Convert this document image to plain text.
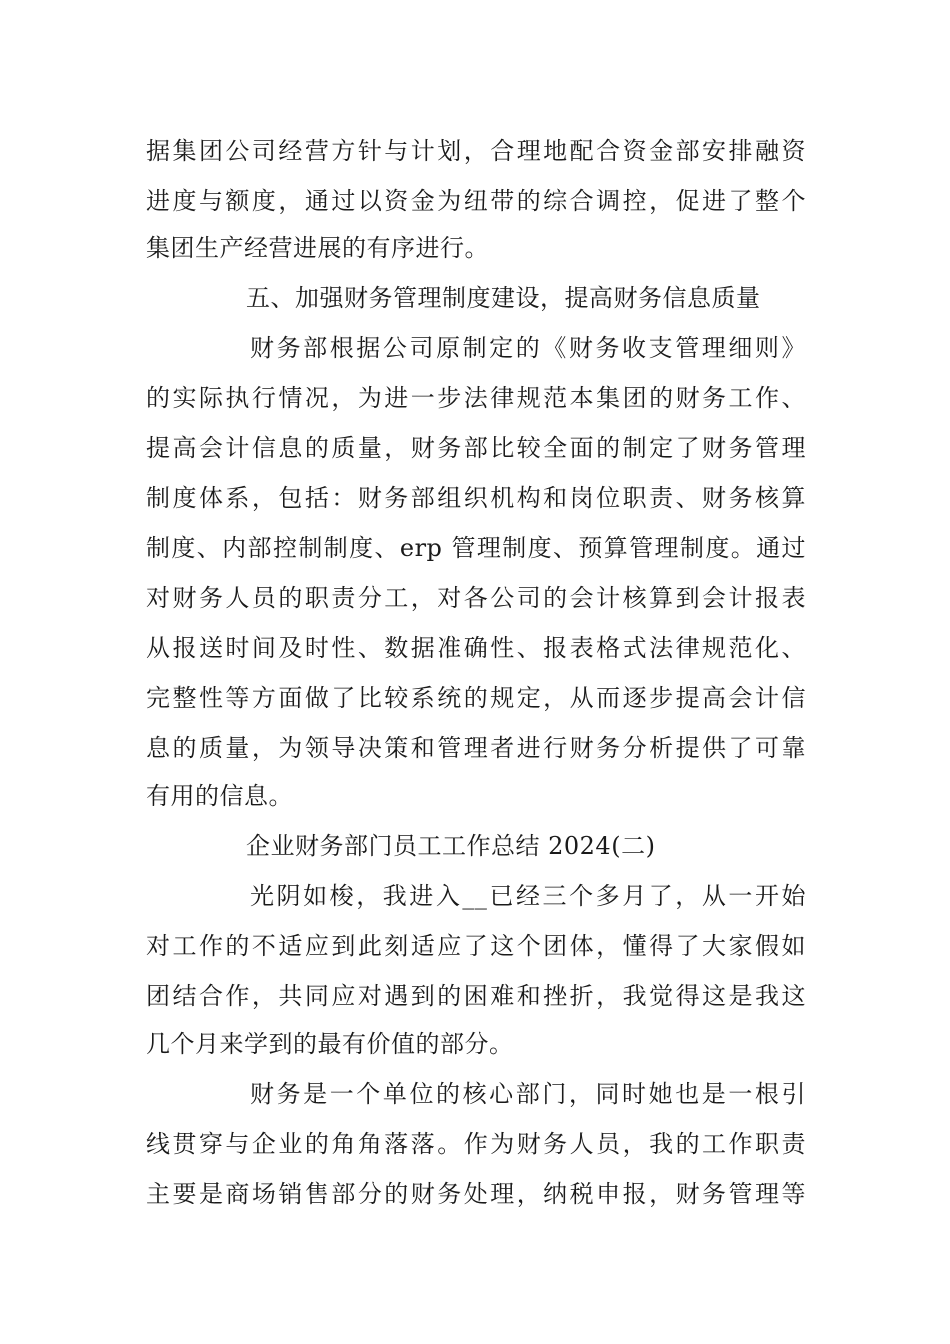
据集团公司经营方针与计划，合理地配合资金部安排融资
进度与额度，通过以资金为纽带的综合调控，促进了整个
集团生产经营进展的有序进行。
五、加强财务管理制度建设，提高财务信息质量
财务部根据公司原制定的《财务收支管理细则》
的实际执行情况，为进一步法律规范本集团的财务工作、
提高会计信息的质量，财务部比较全面的制定了财务管理
制度体系，包括：财务部组织机构和岗位职责、财务核算
制度、内部控制制度、erp 管理制度、预算管理制度。通过
对财务人员的职责分工，对各公司的会计核算到会计报表
从报送时间及时性、数据准确性、报表格式法律规范化、
完整性等方面做了比较系统的规定，从而逐步提高会计信
息的质量，为领导决策和管理者进行财务分析提供了可靠
有用的信息。
企业财务部门员工工作总结 2024(二)
光阴如梭，我进入__已经三个多月了，从一开始
对工作的不适应到此刻适应了这个团体，懂得了大家假如
团结合作，共同应对遇到的困难和挫折，我觉得这是我这
几个月来学到的最有价值的部分。
财务是一个单位的核心部门，同时她也是一根引
线贯穿与企业的角角落落。作为财务人员，我的工作职责
主要是商场销售部分的财务处理，纳税申报，财务管理等
